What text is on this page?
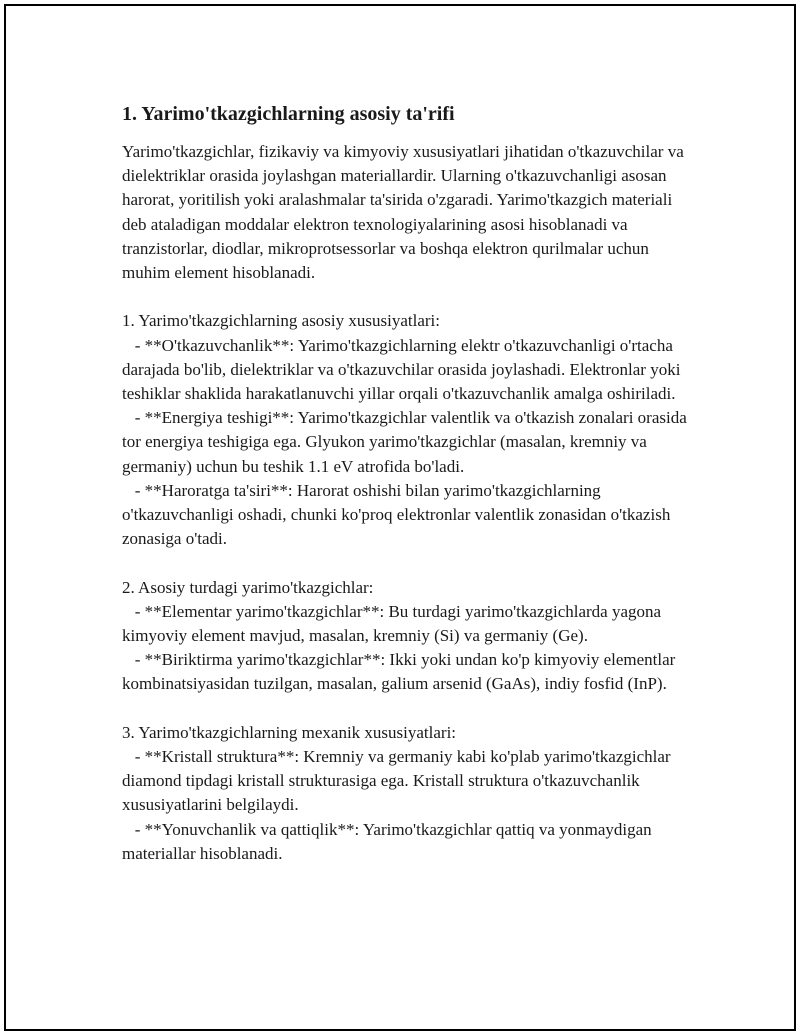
1. Yarimo'tkazgichlarning asosiy ta'rifi

Yarimo'tkazgichlar, fizikaviy va kimyoviy xususiyatlari jihatidan o'tkazuvchilar va dielektriklar orasida joylashgan materiallardir. Ularning o'tkazuvchanligi asosan harorat, yoritilish yoki aralashmalar ta'sirida o'zgaradi. Yarimo'tkazgich materiali deb ataladigan moddalar elektron texnologiyalarining asosi hisoblanadi va tranzistorlar, diodlar, mikroprotsessorlar va boshqa elektron qurilmalar uchun muhim element hisoblanadi.

1. Yarimo'tkazgichlarning asosiy xususiyatlari:

- **O'tkazuvchanlik**: Yarimo'tkazgichlarning elektr o'tkazuvchanligi o'rtacha darajada bo'lib, dielektriklar va o'tkazuvchilar orasida joylashadi. Elektronlar yoki teshiklar shaklida harakatlanuvchi yillar orqali o'tkazuvchanlik amalga oshiriladi.

- **Energiya teshigi**: Yarimo'tkazgichlar valentlik va o'tkazish zonalari orasida tor energiya teshigiga ega. Glyukon yarimo'tkazgichlar (masalan, kremniy va germaniy) uchun bu teshik 1.1 eV atrofida bo'ladi.

- **Haroratga ta'siri**: Harorat oshishi bilan yarimo'tkazgichlarning o'tkazuvchanligi oshadi, chunki ko'proq elektronlar valentlik zonasidan o'tkazish zonasiga o'tadi.

2. Asosiy turdagi yarimo'tkazgichlar:

- **Elementar yarimo'tkazgichlar**: Bu turdagi yarimo'tkazgichlarda yagona kimyoviy element mavjud, masalan, kremniy (Si) va germaniy (Ge).

- **Biriktirma yarimo'tkazgichlar**: Ikki yoki undan ko'p kimyoviy elementlar kombinatsiyasidan tuzilgan, masalan, galium arsenid (GaAs), indiy fosfid (InP).

3. Yarimo'tkazgichlarning mexanik xususiyatlari:

- **Kristall struktura**: Kremniy va germaniy kabi ko'plab yarimo'tkazgichlar diamond tipdagi kristall strukturasiga ega. Kristall struktura o'tkazuvchanlik xususiyatlarini belgilaydi.

- **Yonuvchanlik va qattiqlik**: Yarimo'tkazgichlar qattiq va yonmaydigan materiallar hisoblanadi.
